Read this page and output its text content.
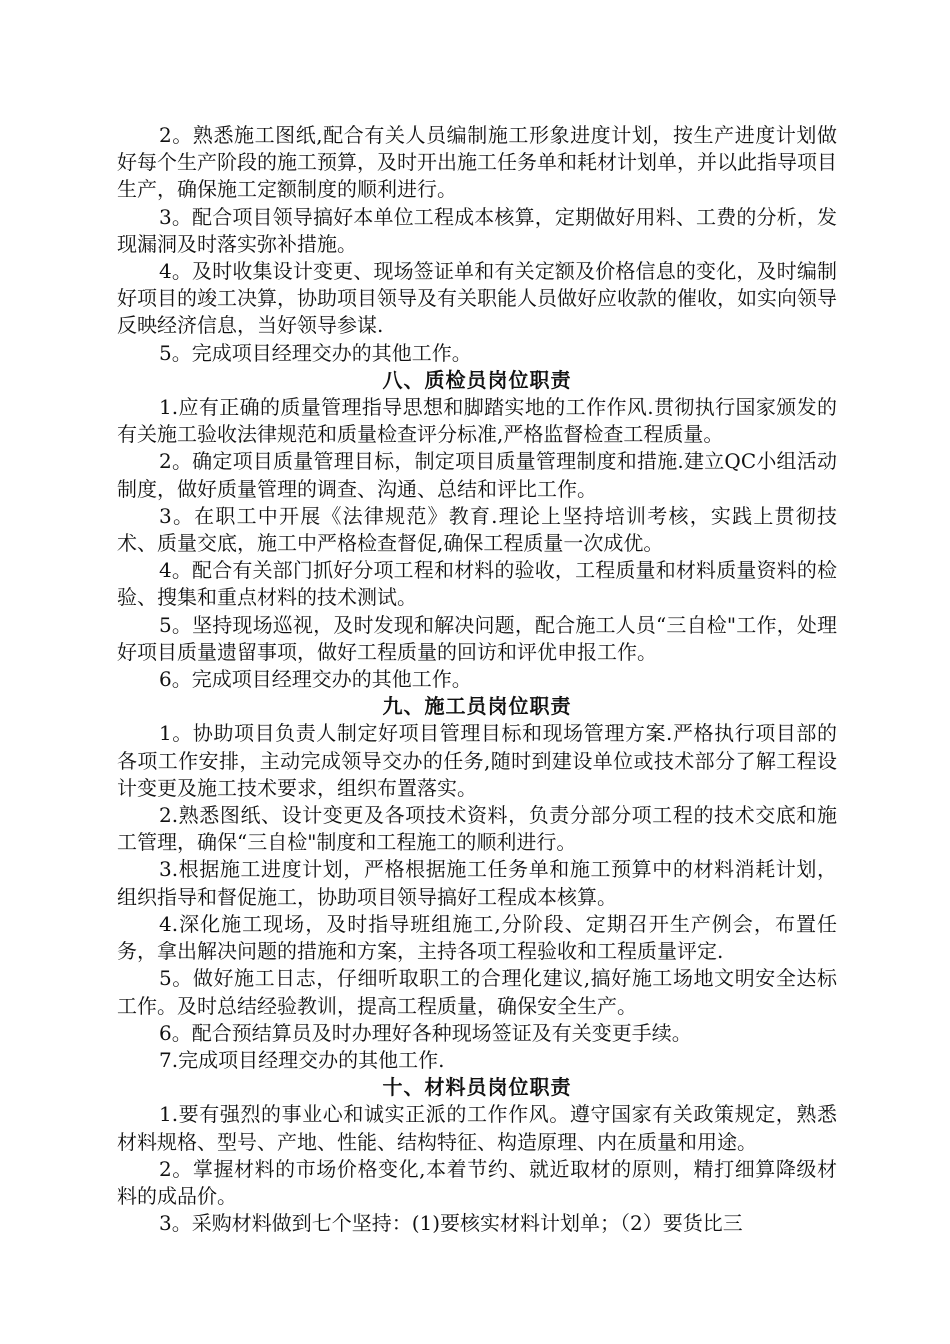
2。熟悉施工图纸,配合有关人员编制施工形象进度计划，按生产进度计划做好每个生产阶段的施工预算，及时开出施工任务单和耗材计划单，并以此指导项目生产，确保施工定额制度的顺利进行。

3。配合项目领导搞好本单位工程成本核算，定期做好用料、工费的分析，发现漏洞及时落实弥补措施。

4。及时收集设计变更、现场签证单和有关定额及价格信息的变化，及时编制好项目的竣工决算，协助项目领导及有关职能人员做好应收款的催收，如实向领导反映经济信息，当好领导参谋.

5。完成项目经理交办的其他工作。

八、质检员岗位职责

1.应有正确的质量管理指导思想和脚踏实地的工作作风.贯彻执行国家颁发的有关施工验收法律规范和质量检查评分标准,严格监督检查工程质量。

2。确定项目质量管理目标，制定项目质量管理制度和措施.建立QC小组活动制度，做好质量管理的调查、沟通、总结和评比工作。

3。在职工中开展《法律规范》教育.理论上坚持培训考核，实践上贯彻技术、质量交底，施工中严格检查督促,确保工程质量一次成优。

4。配合有关部门抓好分项工程和材料的验收，工程质量和材料质量资料的检验、搜集和重点材料的技术测试。

5。坚持现场巡视，及时发现和解决问题，配合施工人员“三自检"工作，处理好项目质量遗留事项，做好工程质量的回访和评优申报工作。

6。完成项目经理交办的其他工作。

九、施工员岗位职责

1。协助项目负责人制定好项目管理目标和现场管理方案.严格执行项目部的各项工作安排，主动完成领导交办的任务,随时到建设单位或技术部分了解工程设计变更及施工技术要求，组织布置落实。

2.熟悉图纸、设计变更及各项技术资料，负责分部分项工程的技术交底和施工管理，确保“三自检"制度和工程施工的顺利进行。

3.根据施工进度计划，严格根据施工任务单和施工预算中的材料消耗计划，组织指导和督促施工，协助项目领导搞好工程成本核算。

4.深化施工现场，及时指导班组施工,分阶段、定期召开生产例会，布置任务，拿出解决问题的措施和方案，主持各项工程验收和工程质量评定.

5。做好施工日志，仔细听取职工的合理化建议,搞好施工场地文明安全达标工作。及时总结经验教训，提高工程质量，确保安全生产。

6。配合预结算员及时办理好各种现场签证及有关变更手续。

7.完成项目经理交办的其他工作.

十、材料员岗位职责

1.要有强烈的事业心和诚实正派的工作作风。遵守国家有关政策规定，熟悉材料规格、型号、产地、性能、结构特征、构造原理、内在质量和用途。

2。掌握材料的市场价格变化,本着节约、就近取材的原则，精打细算降级材料的成品价。

3。采购材料做到七个坚持：(1)要核实材料计划单；（2）要货比三
